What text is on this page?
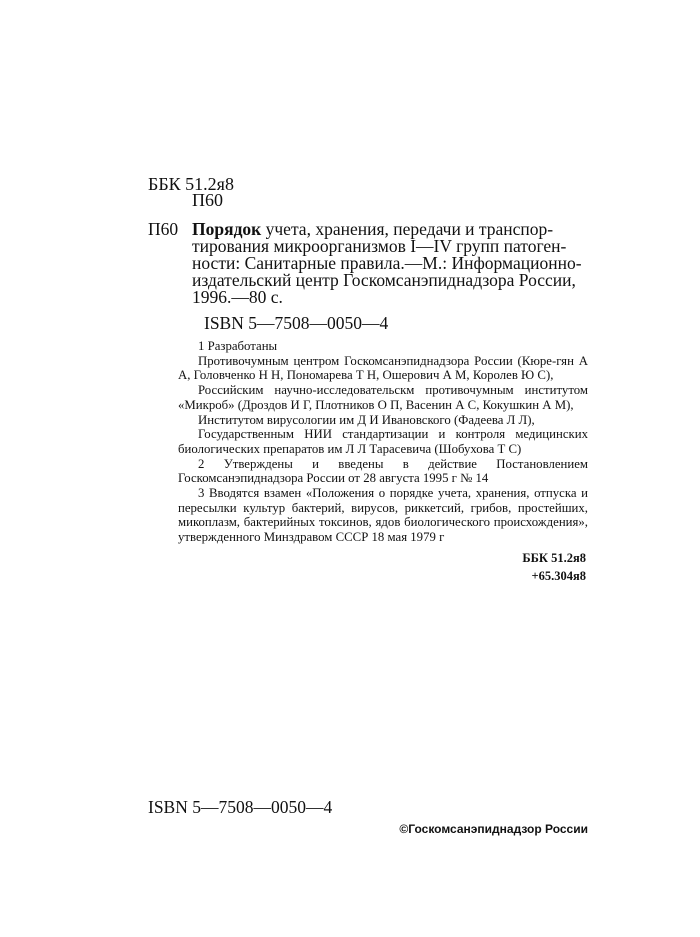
ББК 51.2я8
П60
П60 Порядок учета, хранения, передачи и транспор-
тирования микроорганизмов I—IV групп патоген-
ности: Санитарные правила.—М.: Информационно-
издательский центр Госкомсанэпиднадзора России,
1996.—80 с.
ISBN 5—7508—0050—4

1 Разработаны

Противочумным центром Госкомсанэпиднадзора России (Кюре-гян А А, Головченко Н Н, Пономарева Т Н, Ошерович А М, Королев Ю С),

Российским научно-исследовательскм противочумным институтом «Микроб» (Дроздов И Г, Плотников О П, Васенин А С, Кокушкин А М),

Институтом вирусологии им Д И Ивановского (Фадеева Л Л),

Государственным НИИ стандартизации и контроля медицинских биологических препаратов им Л Л Тарасевича (Шобухова Т С)

2 Утверждены и введены в действие Постановлением Госкомсанэпиднадзора России от 28 августа 1995 г № 14

3 Вводятся взамен «Положения о порядке учета, хранения, отпуска и пересылки культур бактерий, вирусов, риккетсий, грибов, простейших, микоплазм, бактерийных токсинов, ядов биологического происхождения», утвержденного Минздравом СССР 18 мая 1979 г

ББК 51.2я8
+65.304я8
ISBN 5—7508—0050—4
©Госкомсанэпиднадзор России
